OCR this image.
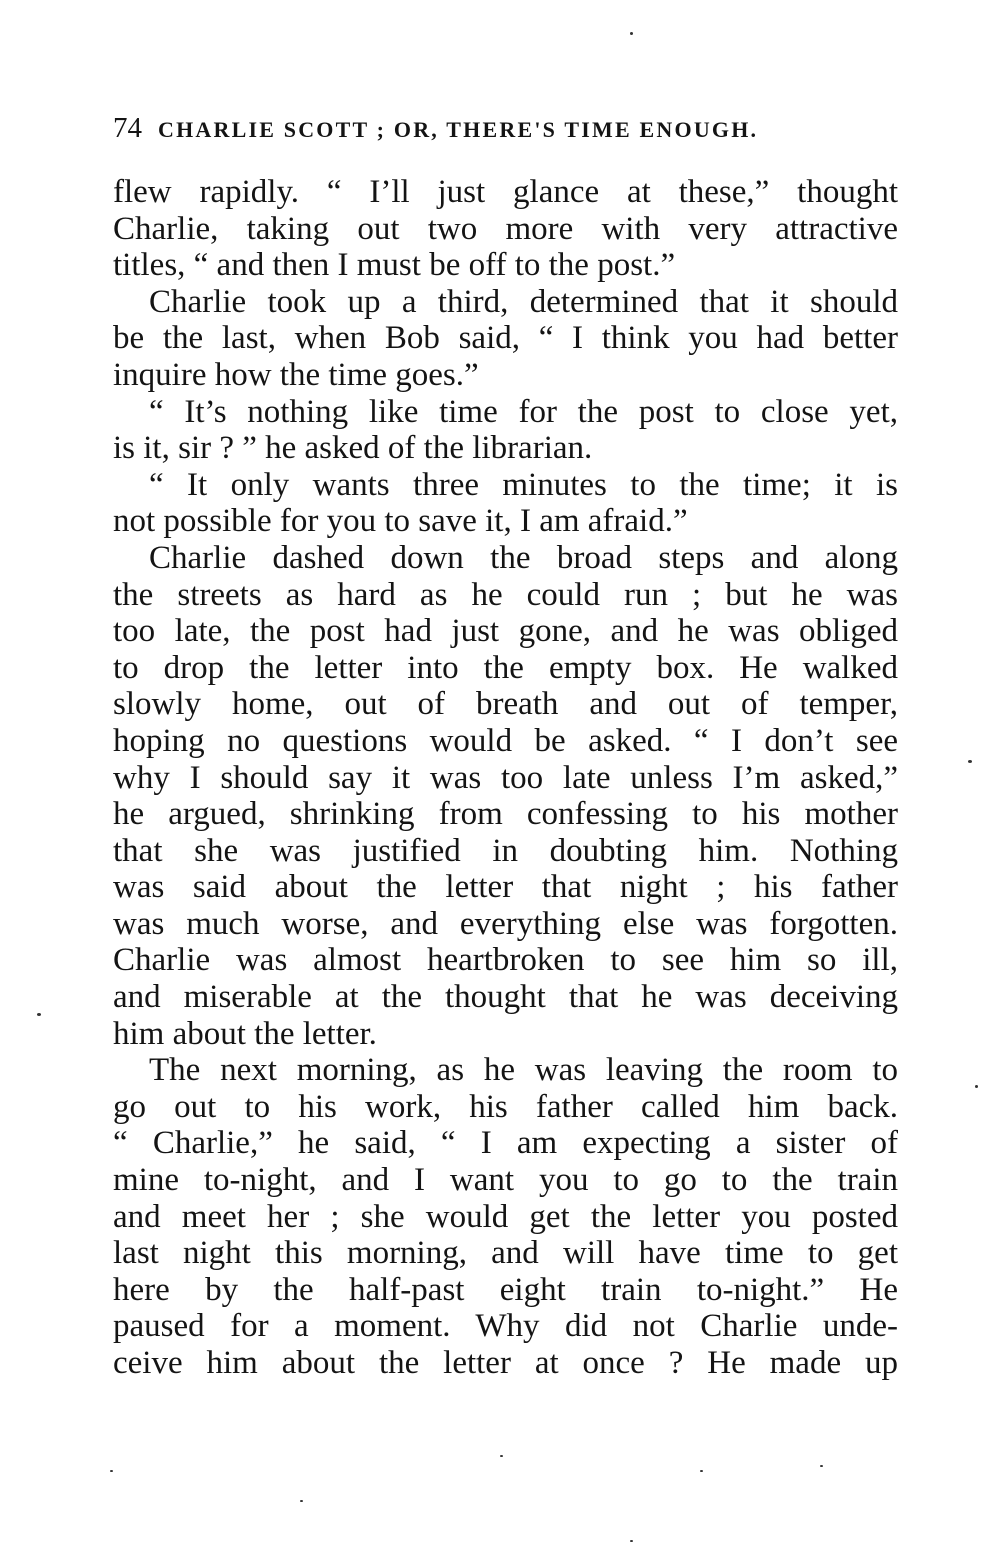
74 CHARLIE SCOTT ; OR, THERE'S TIME ENOUGH.
flew rapidly. “ I’ll just glance at these,” thought
Charlie, taking out two more with very attractive
titles, “ and then I must be off to the post.”
Charlie took up a third, determined that it should
be the last, when Bob said, “ I think you had better
inquire how the time goes.”
“ It’s nothing like time for the post to close yet,
is it, sir ? ” he asked of the librarian.
“ It only wants three minutes to the time; it is
not possible for you to save it, I am afraid.”
Charlie dashed down the broad steps and along
the streets as hard as he could run ; but he was
too late, the post had just gone, and he was obliged
to drop the letter into the empty box. He walked
slowly home, out of breath and out of temper,
hoping no questions would be asked. “ I don’t see
why I should say it was too late unless I’m asked,”
he argued, shrinking from confessing to his mother
that she was justified in doubting him. Nothing
was said about the letter that night ; his father
was much worse, and everything else was forgotten.
Charlie was almost heartbroken to see him so ill,
and miserable at the thought that he was deceiving
him about the letter.
The next morning, as he was leaving the room to
go out to his work, his father called him back.
“ Charlie,” he said, “ I am expecting a sister of
mine to-night, and I want you to go to the train
and meet her ; she would get the letter you posted
last night this morning, and will have time to get
here by the half-past eight train to-night.” He
paused for a moment. Why did not Charlie unde-
ceive him about the letter at once ? He made up
